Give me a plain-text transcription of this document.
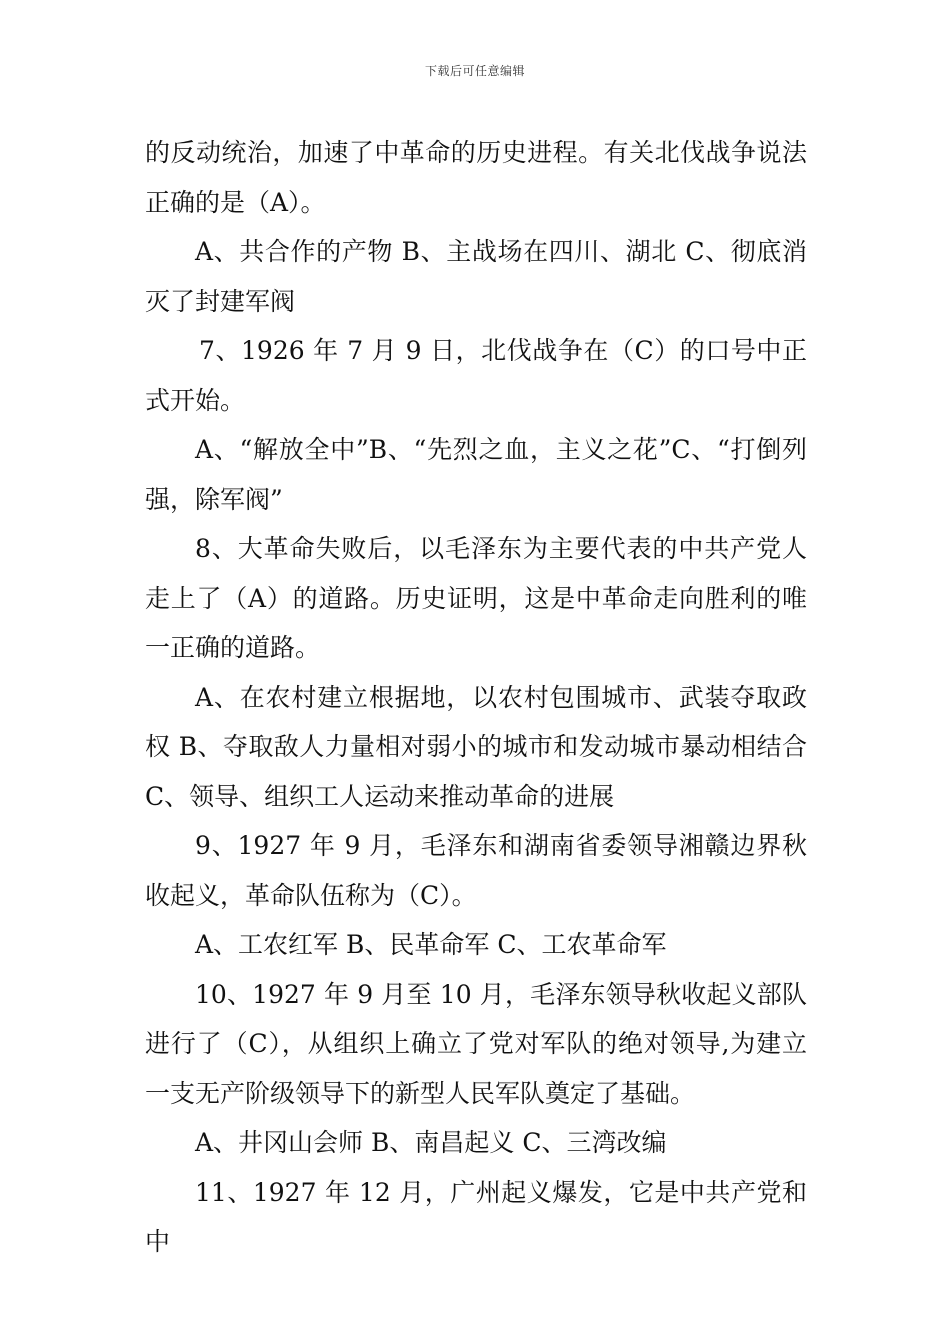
下载后可任意编辑

的反动统治，加速了中革命的历史进程。有关北伐战争说法正确的是（A）。

A、共合作的产物 B、主战场在四川、湖北 C、彻底消灭了封建军阀

7、1926 年 7 月 9 日，北伐战争在（C）的口号中正式开始。

A、“解放全中”B、“先烈之血，主义之花”C、“打倒列强，除军阀”

8、大革命失败后，以毛泽东为主要代表的中共产党人走上了（A）的道路。历史证明，这是中革命走向胜利的唯一正确的道路。

A、在农村建立根据地，以农村包围城市、武装夺取政权 B、夺取敌人力量相对弱小的城市和发动城市暴动相结合 C、领导、组织工人运动来推动革命的进展

9、1927 年 9 月，毛泽东和湖南省委领导湘赣边界秋收起义，革命队伍称为（C）。

A、工农红军 B、民革命军 C、工农革命军

10、1927 年 9 月至 10 月，毛泽东领导秋收起义部队进行了（C），从组织上确立了党对军队的绝对领导,为建立一支无产阶级领导下的新型人民军队奠定了基础。

A、井冈山会师 B、南昌起义 C、三湾改编

11、1927 年 12 月，广州起义爆发，它是中共产党和中
